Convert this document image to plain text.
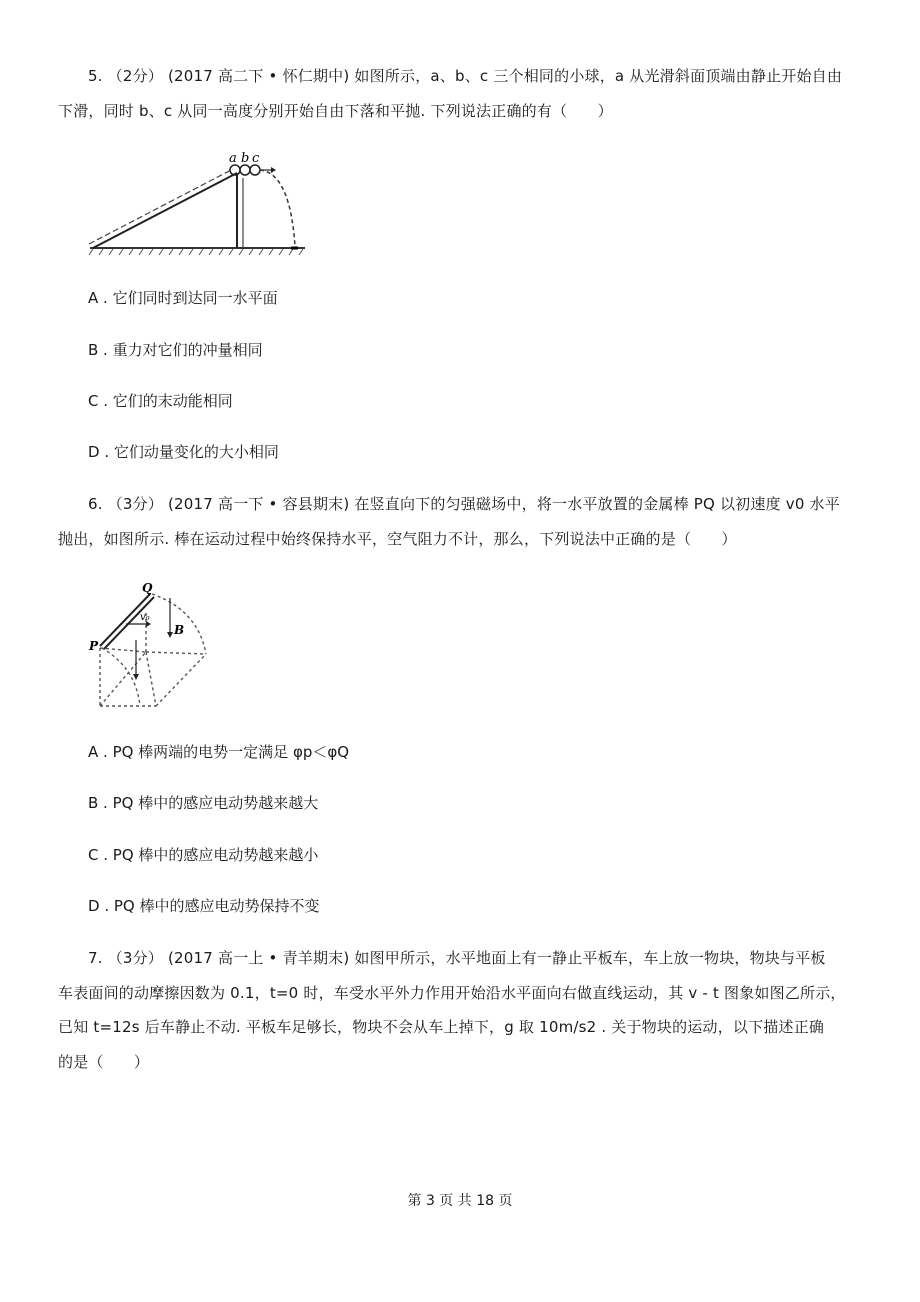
5. （2分） (2017 高二下 • 怀仁期中) 如图所示，a、b、c 三个相同的小球，a 从光滑斜面顶端由静止开始自由
下滑，同时 b、c 从同一高度分别开始自由下落和平抛. 下列说法正确的有（　　）
a b c
A . 它们同时到达同一水平面
B . 重力对它们的冲量相同
C . 它们的末动能相同
D . 它们动量变化的大小相同
6. （3分） (2017 高一下 • 容县期末) 在竖直向下的匀强磁场中，将一水平放置的金属棒 PQ 以初速度 v0 水平
抛出，如图所示. 棒在运动过程中始终保持水平，空气阻力不计，那么，下列说法中正确的是（　　）
Q
P
v₀
B
A . PQ 棒两端的电势一定满足 φp＜φQ
B . PQ 棒中的感应电动势越来越大
C . PQ 棒中的感应电动势越来越小
D . PQ 棒中的感应电动势保持不变
7. （3分） (2017 高一上 • 青羊期末) 如图甲所示，水平地面上有一静止平板车，车上放一物块，物块与平板
车表面间的动摩擦因数为 0.1，t=0 时，车受水平外力作用开始沿水平面向右做直线运动，其 v - t 图象如图乙所示，
已知 t=12s 后车静止不动. 平板车足够长，物块不会从车上掉下，g 取 10m/s2 . 关于物块的运动，以下描述正确
的是（　　）
第 3 页 共 18 页
